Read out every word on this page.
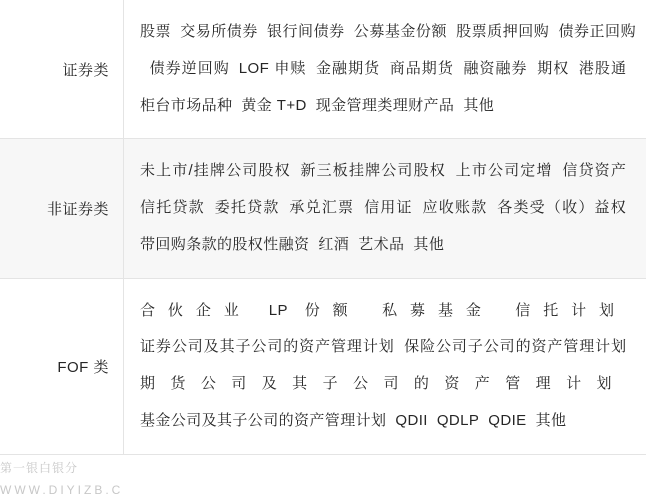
证券类
股票 交易所债券 银行间债券 公募基金份额 股票质押回购 债券正回购债券逆回购 LOF 申赎 金融期货 商品期货 融资融券 期权 港股通柜台市场品种 黄金 T+D 现金管理类理财产品 其他
非证券类
未上市/挂牌公司股权 新三板挂牌公司股权 上市公司定增 信贷资产信托贷款 委托贷款 承兑汇票 信用证 应收账款 各类受（收）益权带回购条款的股权性融资 红酒 艺术品 其他
FOF 类
合伙企业 LP 份额 私募基金 信托计划证券公司及其子公司的资产管理计划 保险公司子公司的资产管理计划期货公司及其子公司的资产管理计划基金公司及其子公司的资产管理计划 QDII QDLP QDIE 其他
第一银白银分
WWW.DIYIZB.C
